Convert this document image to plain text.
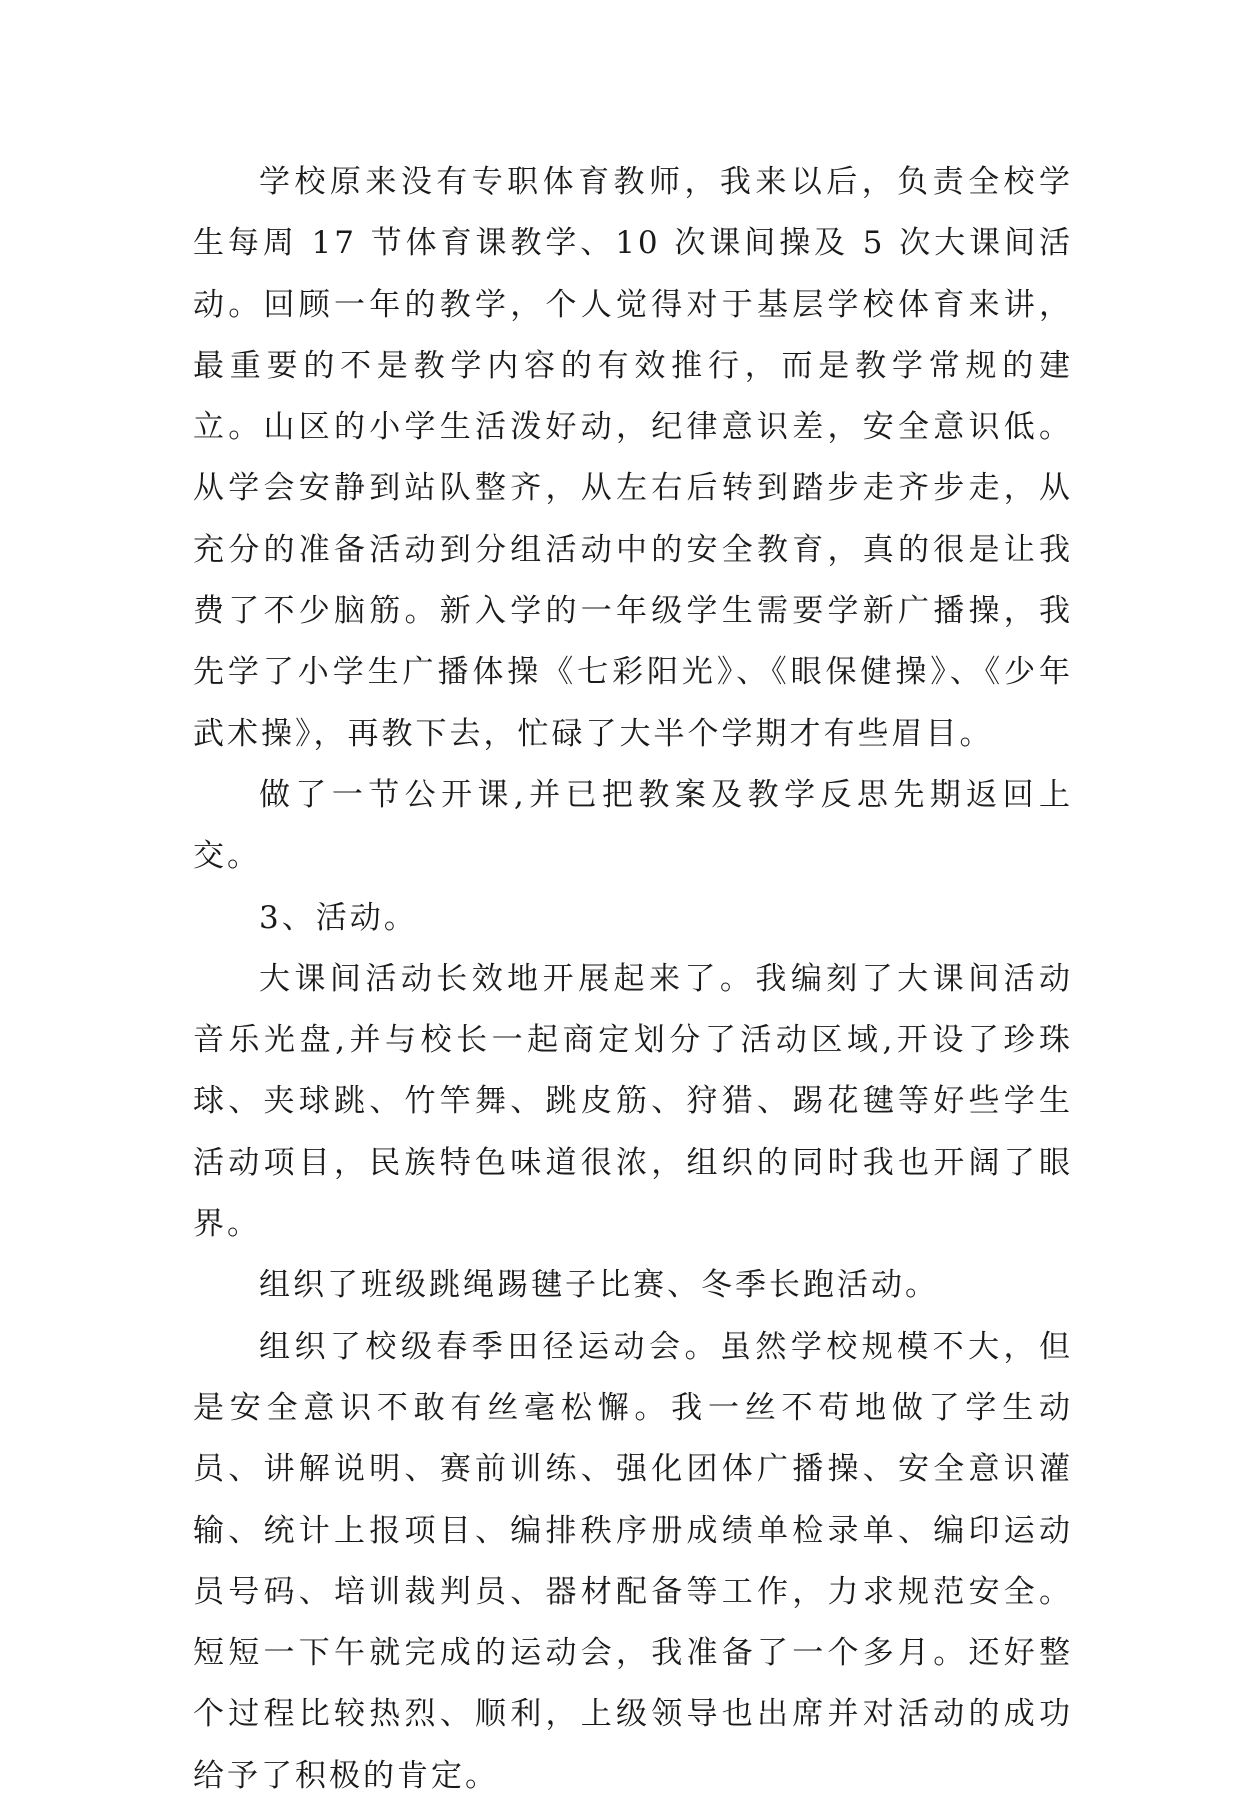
学校原来没有专职体育教师，我来以后，负责全校学生每周 17 节体育课教学、10 次课间操及 5 次大课间活动。回顾一年的教学，个人觉得对于基层学校体育来讲，最重要的不是教学内容的有效推行，而是教学常规的建立。山区的小学生活泼好动，纪律意识差，安全意识低。从学会安静到站队整齐，从左右后转到踏步走齐步走，从充分的准备活动到分组活动中的安全教育，真的很是让我费了不少脑筋。新入学的一年级学生需要学新广播操，我先学了小学生广播体操《七彩阳光》、《眼保健操》、《少年武术操》，再教下去，忙碌了大半个学期才有些眉目。

做了一节公开课,并已把教案及教学反思先期返回上交。

3、活动。

大课间活动长效地开展起来了。我编刻了大课间活动音乐光盘,并与校长一起商定划分了活动区域,开设了珍珠球、夹球跳、竹竿舞、跳皮筋、狩猎、踢花毽等好些学生活动项目，民族特色味道很浓，组织的同时我也开阔了眼界。

组织了班级跳绳踢毽子比赛、冬季长跑活动。

组织了校级春季田径运动会。虽然学校规模不大，但是安全意识不敢有丝毫松懈。我一丝不苟地做了学生动员、讲解说明、赛前训练、强化团体广播操、安全意识灌输、统计上报项目、编排秩序册成绩单检录单、编印运动员号码、培训裁判员、器材配备等工作，力求规范安全。短短一下午就完成的运动会，我准备了一个多月。还好整个过程比较热烈、顺利，上级领导也出席并对活动的成功给予了积极的肯定。
